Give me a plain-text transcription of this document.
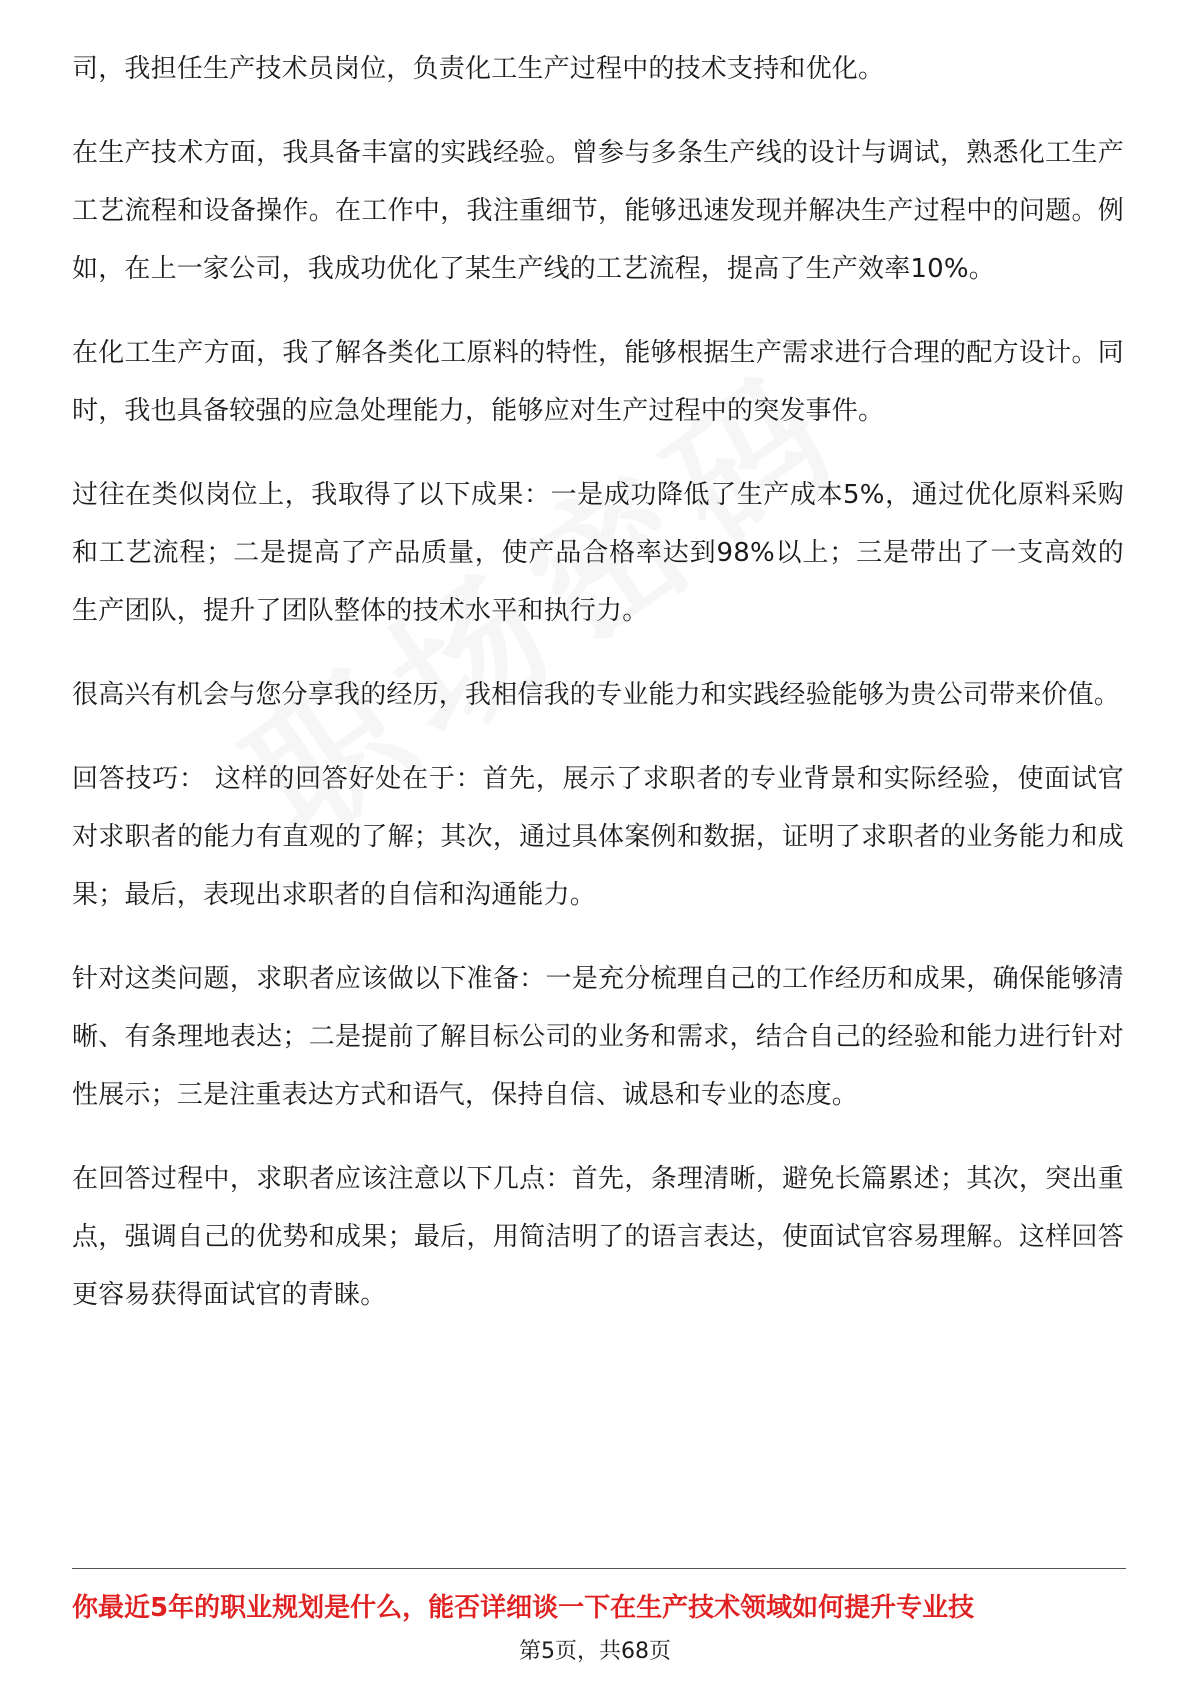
司，我担任生产技术员岗位，负责化工生产过程中的技术支持和优化。

在生产技术方面，我具备丰富的实践经验。曾参与多条生产线的设计与调试，熟悉化工生产工艺流程和设备操作。在工作中，我注重细节，能够迅速发现并解决生产过程中的问题。例如，在上一家公司，我成功优化了某生产线的工艺流程，提高了生产效率10%。

在化工生产方面，我了解各类化工原料的特性，能够根据生产需求进行合理的配方设计。同时，我也具备较强的应急处理能力，能够应对生产过程中的突发事件。

过往在类似岗位上，我取得了以下成果：一是成功降低了生产成本5%，通过优化原料采购和工艺流程；二是提高了产品质量，使产品合格率达到98%以上；三是带出了一支高效的生产团队，提升了团队整体的技术水平和执行力。

很高兴有机会与您分享我的经历，我相信我的专业能力和实践经验能够为贵公司带来价值。

回答技巧： 这样的回答好处在于：首先，展示了求职者的专业背景和实际经验，使面试官对求职者的能力有直观的了解；其次，通过具体案例和数据，证明了求职者的业务能力和成果；最后，表现出求职者的自信和沟通能力。

针对这类问题，求职者应该做以下准备：一是充分梳理自己的工作经历和成果，确保能够清晰、有条理地表达；二是提前了解目标公司的业务和需求，结合自己的经验和能力进行针对性展示；三是注重表达方式和语气，保持自信、诚恳和专业的态度。

在回答过程中，求职者应该注意以下几点：首先，条理清晰，避免长篇累述；其次，突出重点，强调自己的优势和成果；最后，用简洁明了的语言表达，使面试官容易理解。这样回答更容易获得面试官的青睐。

你最近5年的职业规划是什么，能否详细谈一下在生产技术领域如何提升专业技
第5页，共68页
